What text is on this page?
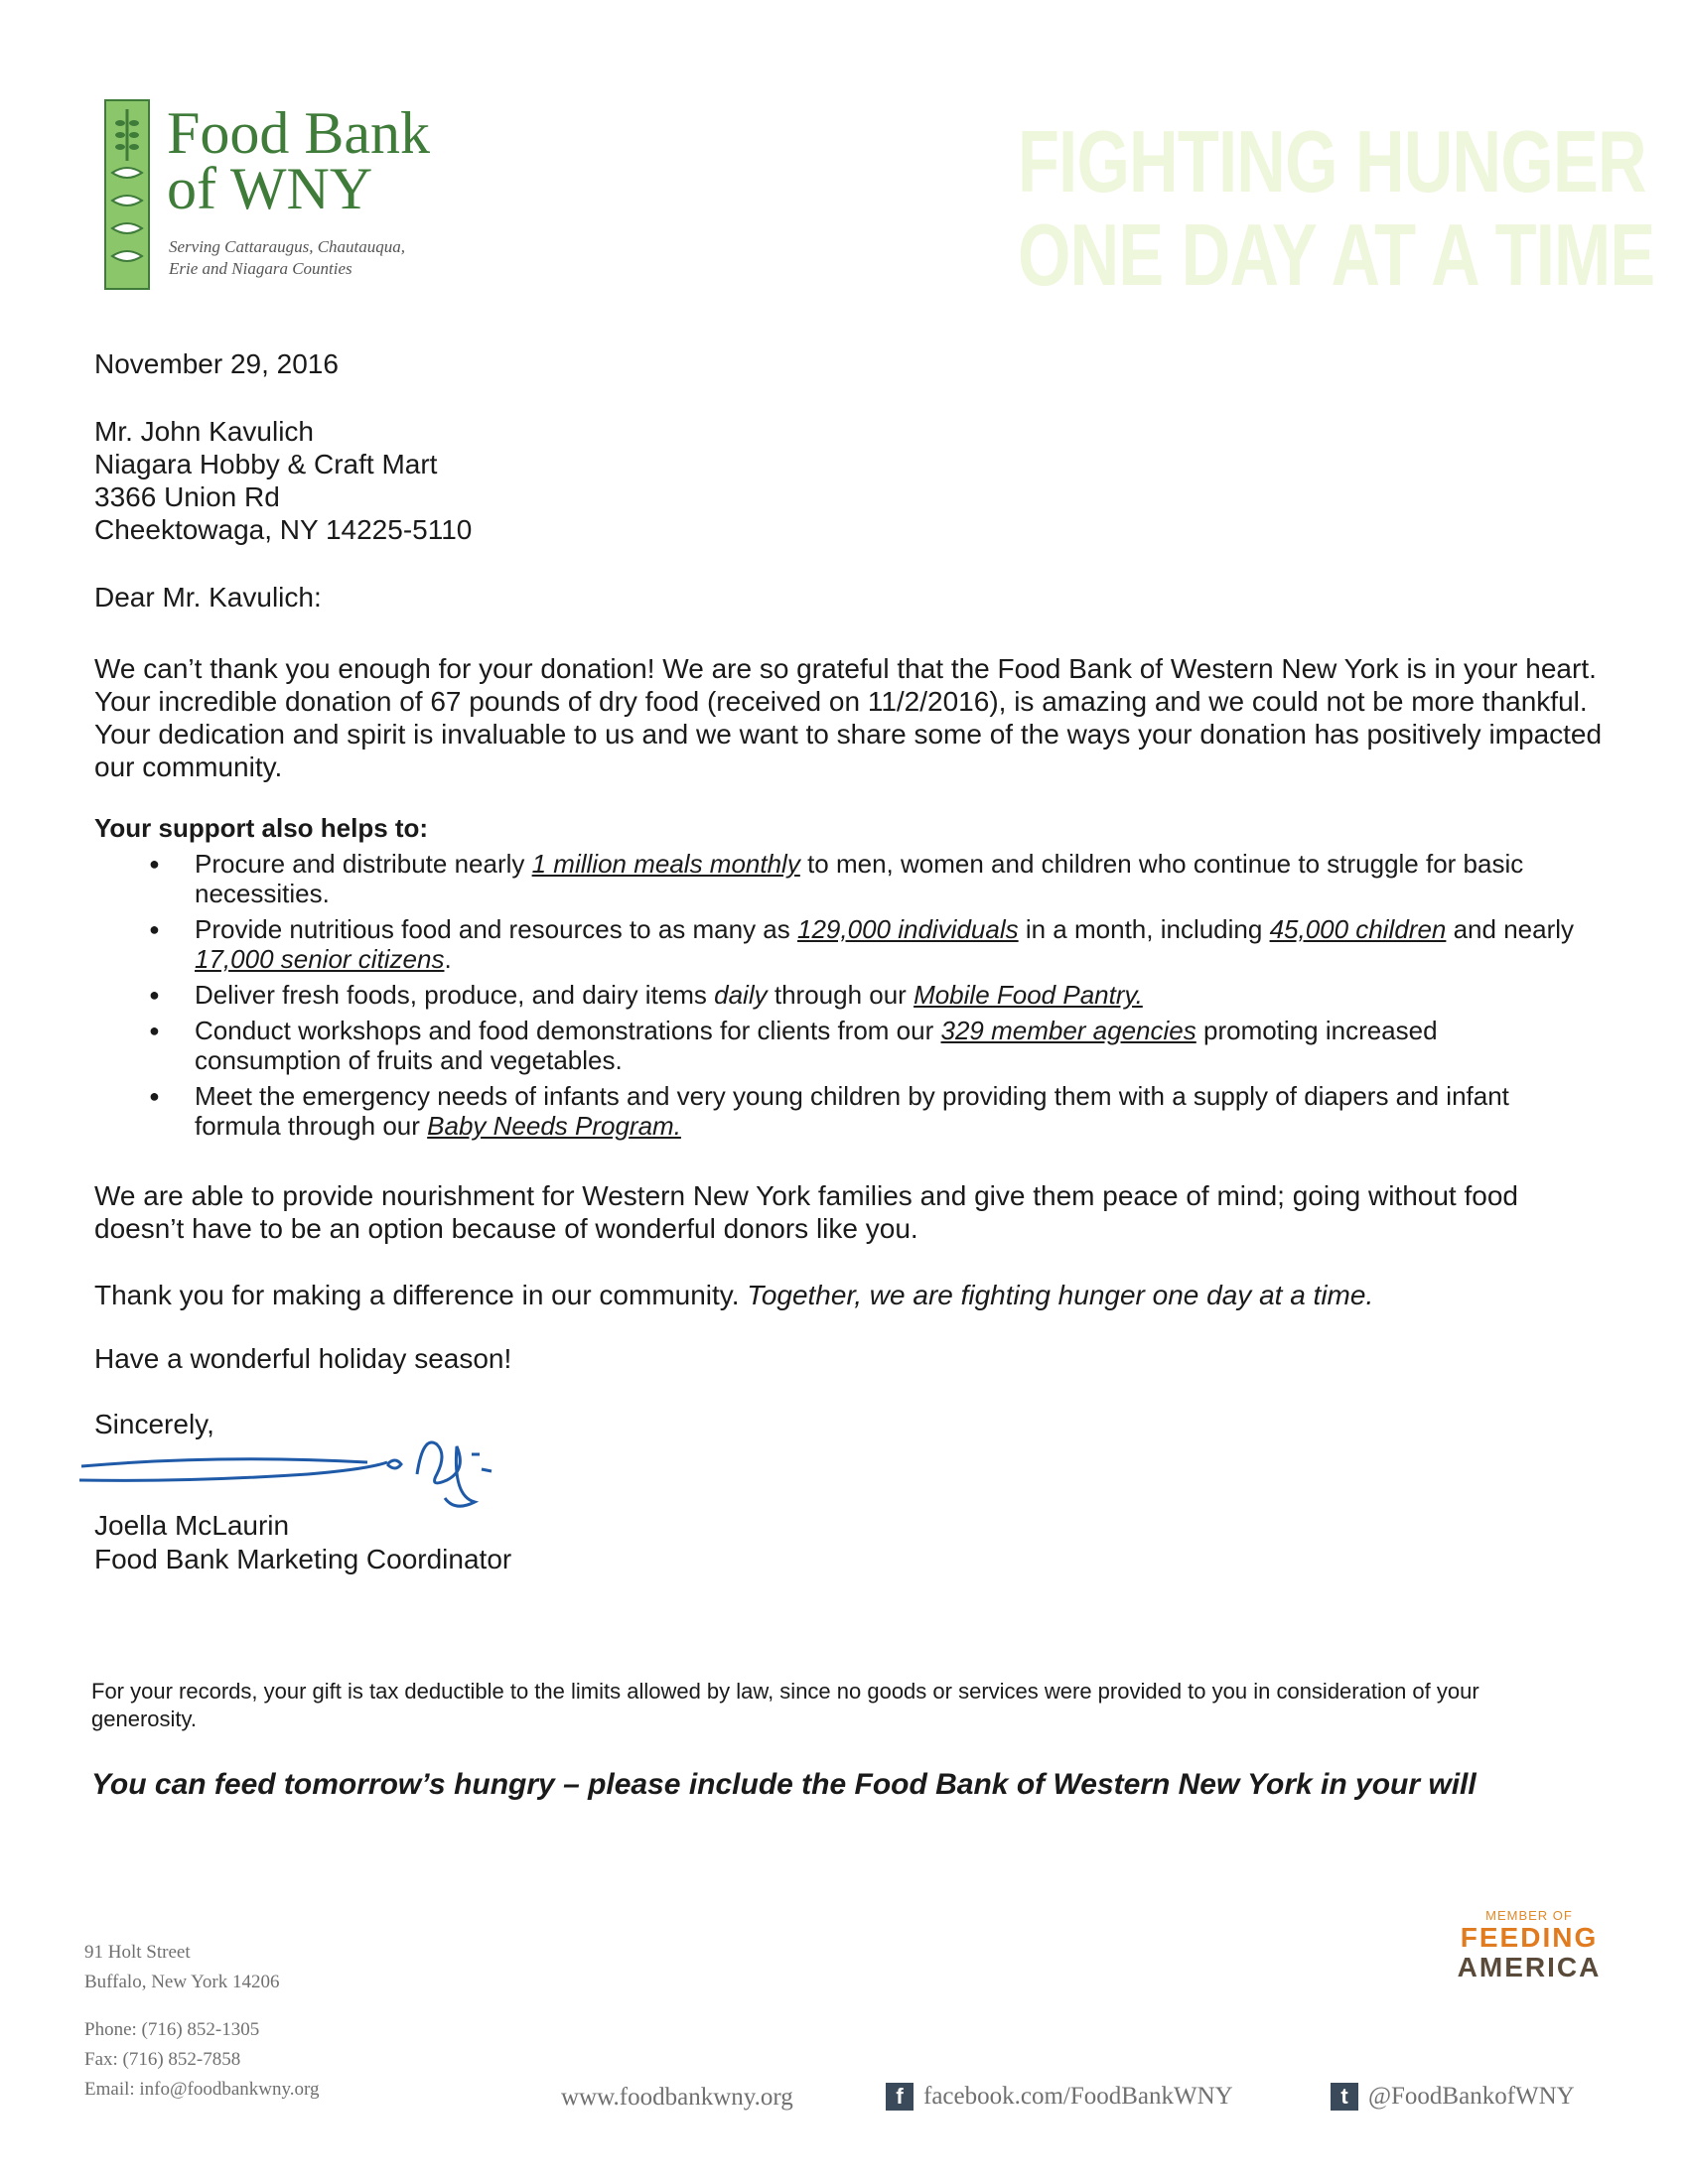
Food Bank
of WNY
Serving Cattaraugus, Chautauqua,
Erie and Niagara Counties
FIGHTING HUNGER
ONE DAY AT A TIME
November 29, 2016
Mr. John Kavulich
Niagara Hobby & Craft Mart
3366 Union Rd
Cheektowaga, NY 14225-5110
Dear Mr. Kavulich:
We can’t thank you enough for your donation! We are so grateful that the Food Bank of Western New York is in your heart. Your incredible donation of 67 pounds of dry food (received on 11/2/2016), is amazing and we could not be more thankful. Your dedication and spirit is invaluable to us and we want to share some of the ways your donation has positively impacted our community.
Your support also helps to:
● Procure and distribute nearly 1 million meals monthly to men, women and children who continue to struggle for basic necessities.
● Provide nutritious food and resources to as many as 129,000 individuals in a month, including 45,000 children and nearly 17,000 senior citizens.
● Deliver fresh foods, produce, and dairy items daily through our Mobile Food Pantry.
● Conduct workshops and food demonstrations for clients from our 329 member agencies promoting increased consumption of fruits and vegetables.
● Meet the emergency needs of infants and very young children by providing them with a supply of diapers and infant formula through our Baby Needs Program.
We are able to provide nourishment for Western New York families and give them peace of mind; going without food doesn’t have to be an option because of wonderful donors like you.
Thank you for making a difference in our community. Together, we are fighting hunger one day at a time.
Have a wonderful holiday season!
Sincerely,
Joella McLaurin
Food Bank Marketing Coordinator
For your records, your gift is tax deductible to the limits allowed by law, since no goods or services were provided to you in consideration of your generosity.
You can feed tomorrow’s hungry – please include the Food Bank of Western New York in your will
91 Holt Street
Buffalo, New York 14206
Phone: (716) 852-1305
Fax: (716) 852-7858
Email: info@foodbankwny.org	www.foodbankwny.org	f facebook.com/FoodBankWNY	t @FoodBankofWNY
MEMBER OF
FEEDING
AMERICA
